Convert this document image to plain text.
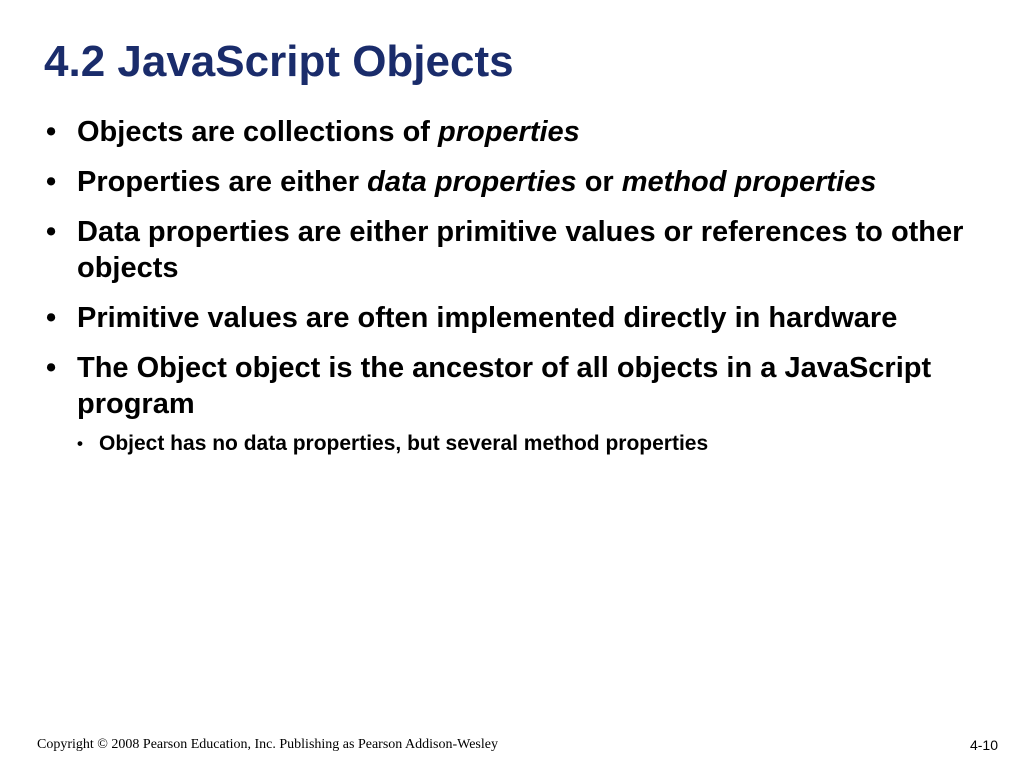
4.2 JavaScript Objects
• Objects are collections of properties
• Properties are either data properties or method properties
• Data properties are either primitive values or references to other objects
• Primitive values are often implemented directly in hardware
• The Object object is the ancestor of all objects in a JavaScript program
• Object has no data properties, but several method properties
Copyright © 2008 Pearson Education, Inc. Publishing as Pearson Addison-Wesley	4-10
